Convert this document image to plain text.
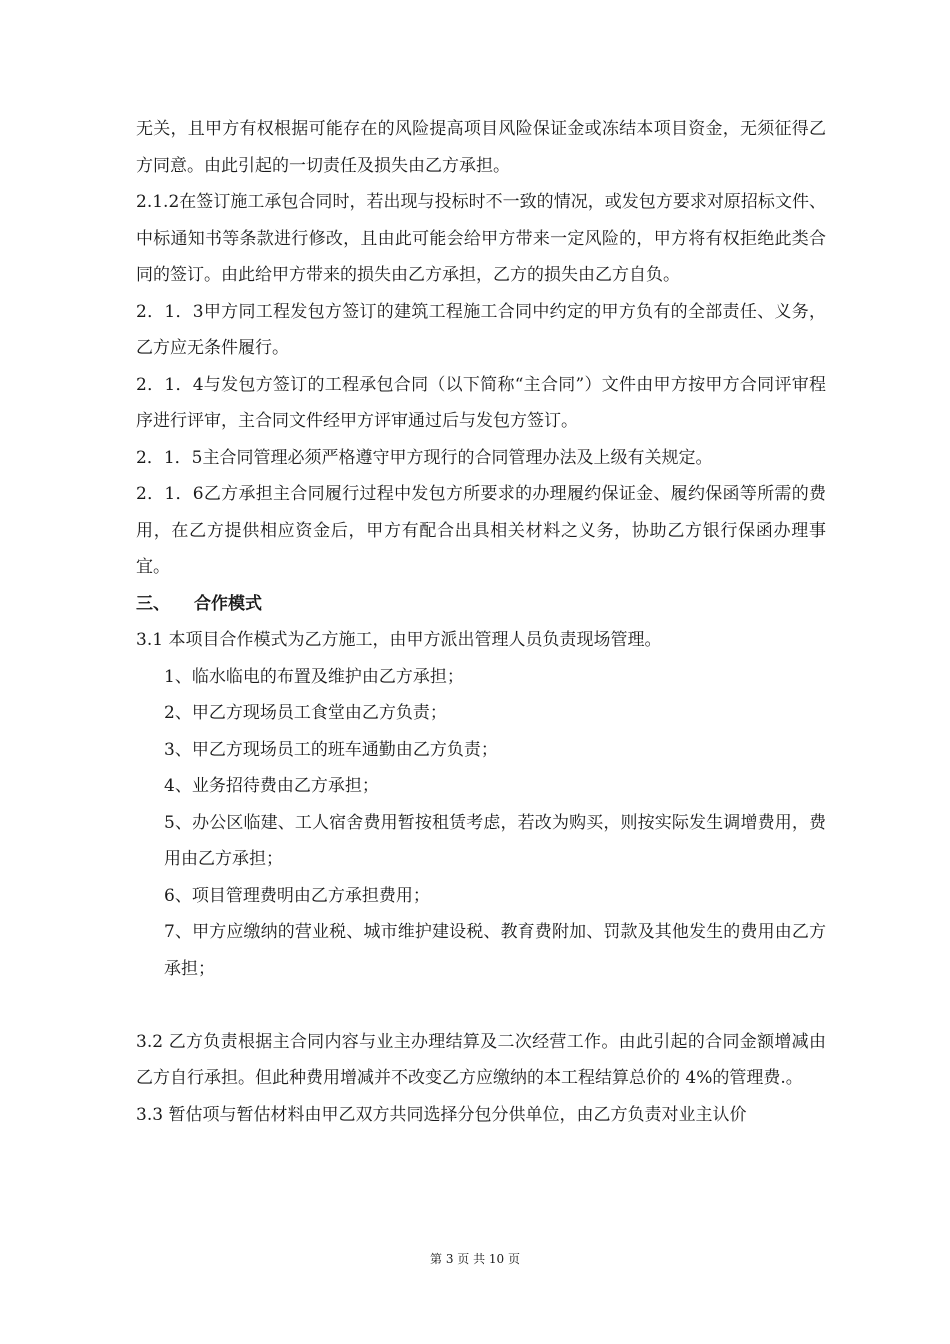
无关，且甲方有权根据可能存在的风险提高项目风险保证金或冻结本项目资金，无须征得乙方同意。由此引起的一切责任及损失由乙方承担。

2.1.2在签订施工承包合同时，若出现与投标时不一致的情况，或发包方要求对原招标文件、中标通知书等条款进行修改，且由此可能会给甲方带来一定风险的，甲方将有权拒绝此类合同的签订。由此给甲方带来的损失由乙方承担，乙方的损失由乙方自负。

2．1．3甲方同工程发包方签订的建筑工程施工合同中约定的甲方负有的全部责任、义务，乙方应无条件履行。

2．1．4与发包方签订的工程承包合同（以下简称“主合同”）文件由甲方按甲方合同评审程序进行评审，主合同文件经甲方评审通过后与发包方签订。

2．1．5主合同管理必须严格遵守甲方现行的合同管理办法及上级有关规定。

2．1．6乙方承担主合同履行过程中发包方所要求的办理履约保证金、履约保函等所需的费用，在乙方提供相应资金后，甲方有配合出具相关材料之义务，协助乙方银行保函办理事宜。

三、 合作模式

3.1 本项目合作模式为乙方施工，由甲方派出管理人员负责现场管理。

1、临水临电的布置及维护由乙方承担；

2、甲乙方现场员工食堂由乙方负责；

3、甲乙方现场员工的班车通勤由乙方负责；

4、业务招待费由乙方承担；

5、办公区临建、工人宿舍费用暂按租赁考虑，若改为购买，则按实际发生调增费用，费用由乙方承担；

6、项目管理费明由乙方承担费用；

7、甲方应缴纳的营业税、城市维护建设税、教育费附加、罚款及其他发生的费用由乙方承担；

3.2 乙方负责根据主合同内容与业主办理结算及二次经营工作。由此引起的合同金额增减由乙方自行承担。但此种费用增减并不改变乙方应缴纳的本工程结算总价的 4%的管理费.。

3.3 暂估项与暂估材料由甲乙双方共同选择分包分供单位，由乙方负责对业主认价

第 3 页 共 10 页
